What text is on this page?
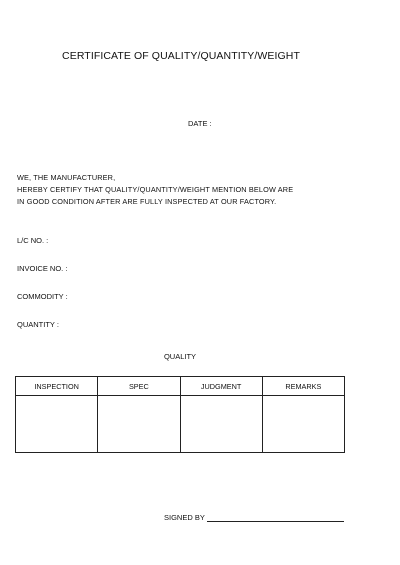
CERTIFICATE OF QUALITY/QUANTITY/WEIGHT
DATE :
WE, THE MANUFACTURER,
HEREBY CERTIFY THAT QUALITY/QUANTITY/WEIGHT MENTION BELOW ARE
IN GOOD CONDITION AFTER ARE FULLY INSPECTED AT OUR FACTORY.
L/C NO. :
INVOICE NO. :
COMMODITY :
QUANTITY :
QUALITY
INSPECTION	SPEC	JUDGMENT	REMARKS

SIGNED BY
